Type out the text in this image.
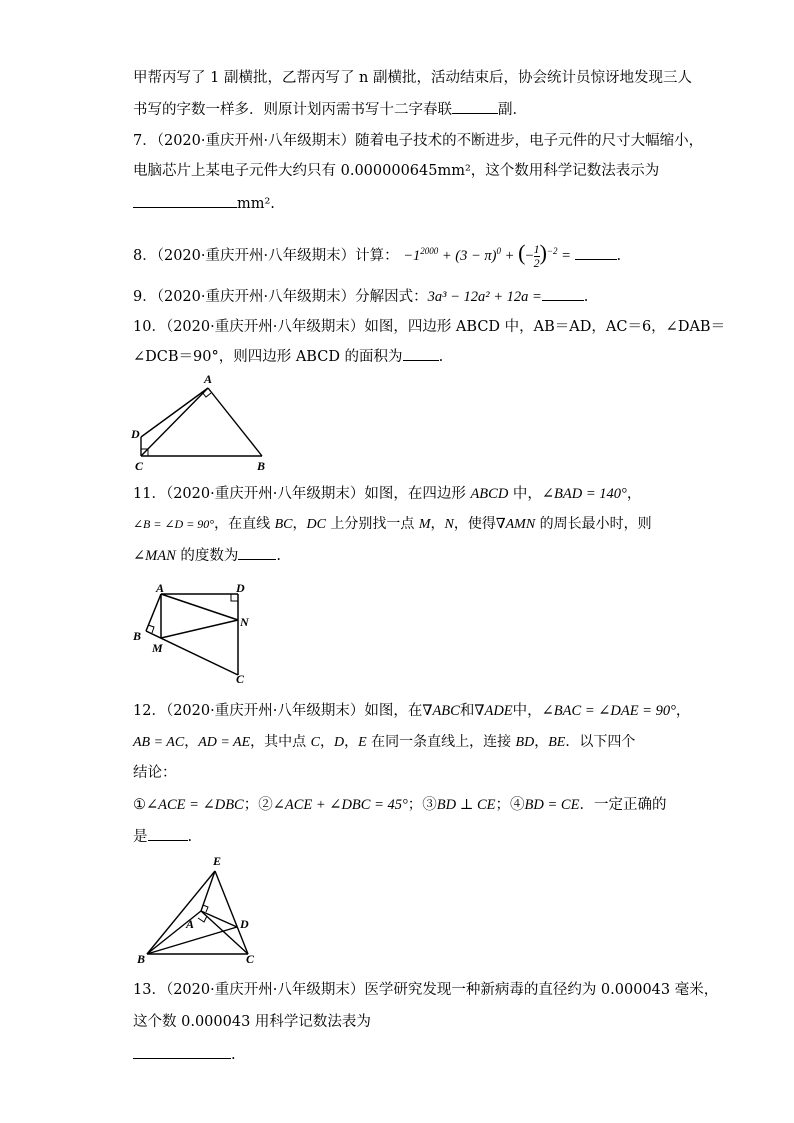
甲帮丙写了 1 副横批，乙帮丙写了 n 副横批，活动结束后，协会统计员惊讶地发现三人
书写的字数一样多．则原计划丙需书写十二字春联	副．
7．（2020·重庆开州·八年级期末）随着电子技术的不断进步，电子元件的尺寸大幅缩小，
电脑芯片上某电子元件大约只有 0.000000645mm²，这个数用科学记数法表示为
mm².
8．（2020·重庆开州·八年级期末）计算： $-1^{2000} + (3 - \pi)^0$ + (− $\frac{1}{2} )^{-2}$ =	.
9．（2020·重庆开州·八年级期末）分解因式：3a³ − 12a² + 12a =	.
10．（2020·重庆开州·八年级期末）如图，四边形 ABCD 中，AB＝AD，AC＝6，∠DAB＝
∠DCB＝90°，则四边形 ABCD 的面积为 .
A
B
C
D
11．（2020·重庆开州·八年级期末）如图，在四边形 ABCD 中，∠BAD = 140°，
∠B = ∠D = 90°，在直线 BC，DC 上分别找一点 M，N，使得∇AMN 的周长最小时，则
∠MAN 的度数为	.
A
B
C
D
M
N
12．（2020·重庆开州·八年级期末）如图，在∇ABC和∇ADE中，∠BAC = ∠DAE = 90°，
AB = AC，AD = AE，其中点 C，D，E 在同一条直线上，连接 BD，BE．以下四个
结论：
①∠ACE = ∠DBC；②∠ACE + ∠DBC = 45°；③BD ⊥ CE；④BD = CE．一定正确的
是	.
E
A	D
B	C
13．（2020·重庆开州·八年级期末）医学研究发现一种新病毒的直径约为 0.000043 毫米，
这个数 0.000043 用科学记数法表为
.
